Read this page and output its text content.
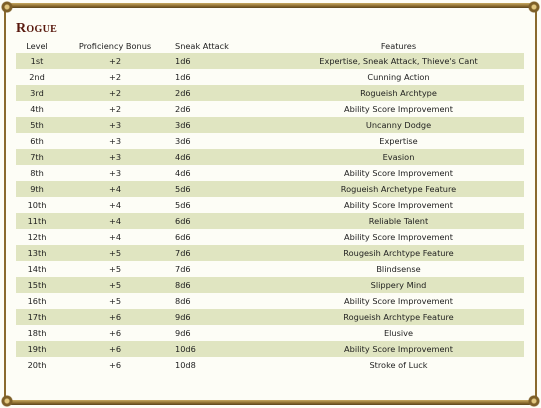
Rogue
Level	Proficiency Bonus	Sneak Attack	Features
1st	+2	1d6	Expertise, Sneak Attack, Thieve's Cant
2nd	+2	1d6	Cunning Action
3rd	+2	2d6	Rogueish Archtype
4th	+2	2d6	Ability Score Improvement
5th	+3	3d6	Uncanny Dodge
6th	+3	3d6	Expertise
7th	+3	4d6	Evasion
8th	+3	4d6	Ability Score Improvement
9th	+4	5d6	Rogueish Archetype Feature
10th	+4	5d6	Ability Score Improvement
11th	+4	6d6	Reliable Talent
12th	+4	6d6	Ability Score Improvement
13th	+5	7d6	Rougesih Archtype Feature
14th	+5	7d6	Blindsense
15th	+5	8d6	Slippery Mind
16th	+5	8d6	Ability Score Improvement
17th	+6	9d6	Rogueish Archtype Feature
18th	+6	9d6	Elusive
19th	+6	10d6	Ability Score Improvement
20th	+6	10d8	Stroke of Luck
